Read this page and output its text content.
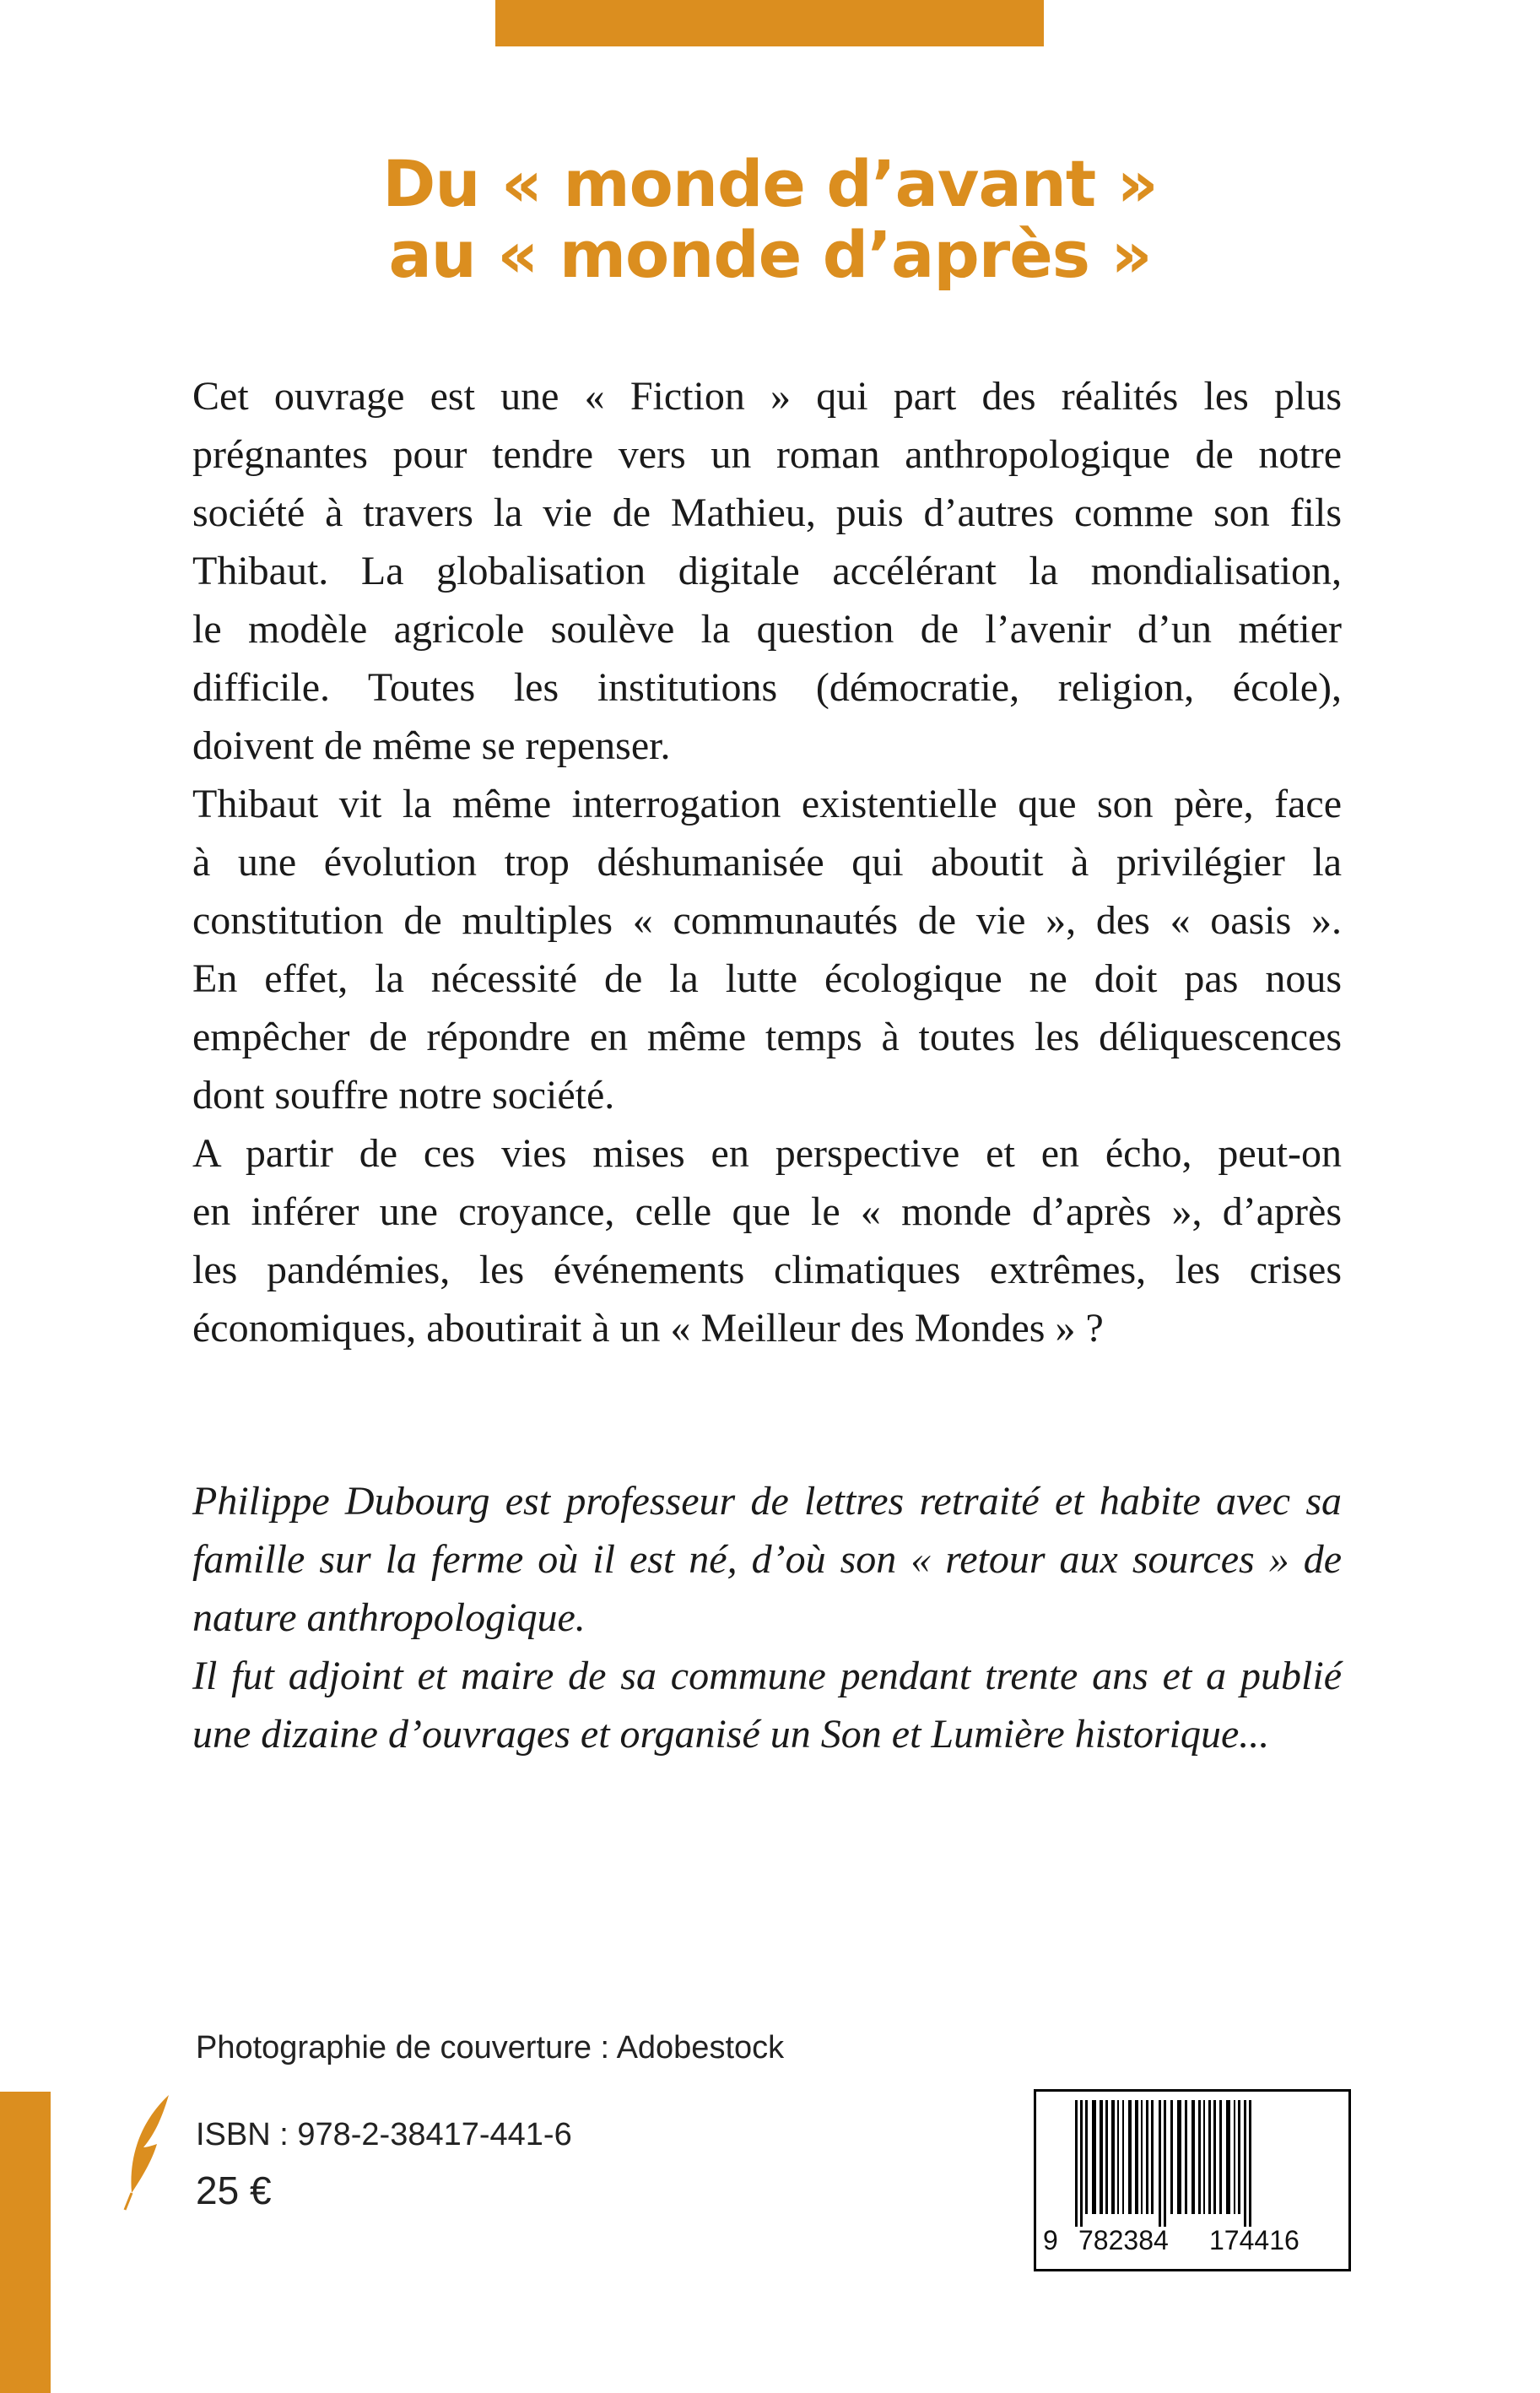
Du « monde d’avant »
au « monde d’après »
Cet ouvrage est une « Fiction » qui part des réalités les plus
prégnantes pour tendre vers un roman anthropologique de notre
société à travers la vie de Mathieu, puis d’autres comme son fils
Thibaut. La globalisation digitale accélérant la mondialisation,
le modèle agricole soulève la question de l’avenir d’un métier
difficile. Toutes les institutions (démocratie, religion, école),
doivent de même se repenser.
Thibaut vit la même interrogation existentielle que son père, face
à une évolution trop déshumanisée qui aboutit à privilégier la
constitution de multiples « communautés de vie », des « oasis ».
En effet, la nécessité de la lutte écologique ne doit pas nous
empêcher de répondre en même temps à toutes les déliquescences
dont souffre notre société.
A partir de ces vies mises en perspective et en écho, peut-on
en inférer une croyance, celle que le « monde d’après », d’après
les pandémies, les événements climatiques extrêmes, les crises
économiques, aboutirait à un « Meilleur des Mondes » ?
Philippe Dubourg est professeur de lettres retraité et habite avec sa
famille sur la ferme où il est né, d’où son « retour aux sources » de
nature anthropologique.
Il fut adjoint et maire de sa commune pendant trente ans et a publié
une dizaine d’ouvrages et organisé un Son et Lumière historique...
Photographie de couverture : Adobestock
ISBN : 978-2-38417-441-6
25 €
9 782384 174416
